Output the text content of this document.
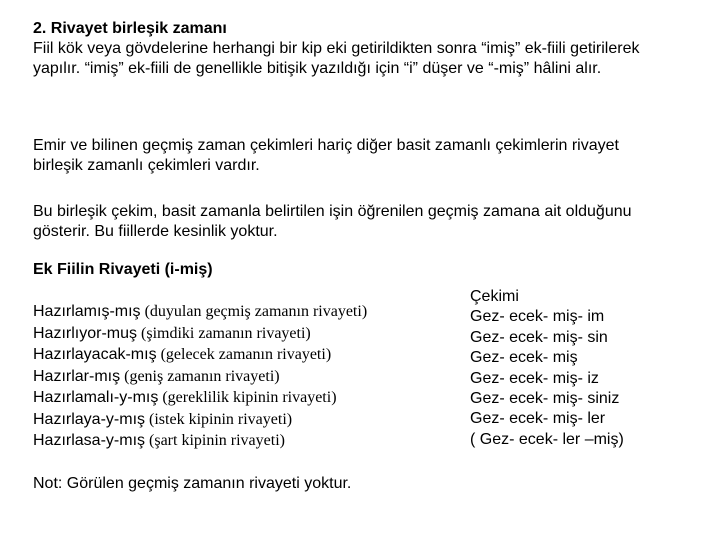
2. Rivayet birleşik zamanı
Fiil kök veya gövdelerine herhangi bir kip eki getirildikten sonra “imiş” ek-fiili getirilerek yapılır. “imiş” ek-fiili de genellikle bitişik yazıldığı için “i” düşer ve “-miş” hâlini alır.
Emir ve bilinen geçmiş zaman çekimleri hariç diğer basit zamanlı çekimlerin rivayet birleşik zamanlı çekimleri vardır.
Bu birleşik çekim, basit zamanla belirtilen işin öğrenilen geçmiş zamana ait olduğunu gösterir. Bu fiillerde kesinlik yoktur.
Ek Fiilin Rivayeti (i-miş)
Hazırlamış-mış (duyulan geçmiş zamanın rivayeti)
Hazırlıyor-muş (şimdiki zamanın rivayeti)
Hazırlayacak-mış (gelecek zamanın rivayeti)
Hazırlar-mış (geniş zamanın rivayeti)
Hazırlamalı-y-mış (gereklilik kipinin rivayeti)
Hazırlaya-y-mış (istek kipinin rivayeti)
Hazırlasa-y-mış (şart kipinin rivayeti)
Çekimi
Gez- ecek- miş- im
Gez- ecek- miş- sin
Gez- ecek- miş
Gez- ecek- miş- iz
Gez- ecek- miş- siniz
Gez- ecek- miş- ler
( Gez- ecek- ler –miş)
Not: Görülen geçmiş zamanın rivayeti yoktur.
